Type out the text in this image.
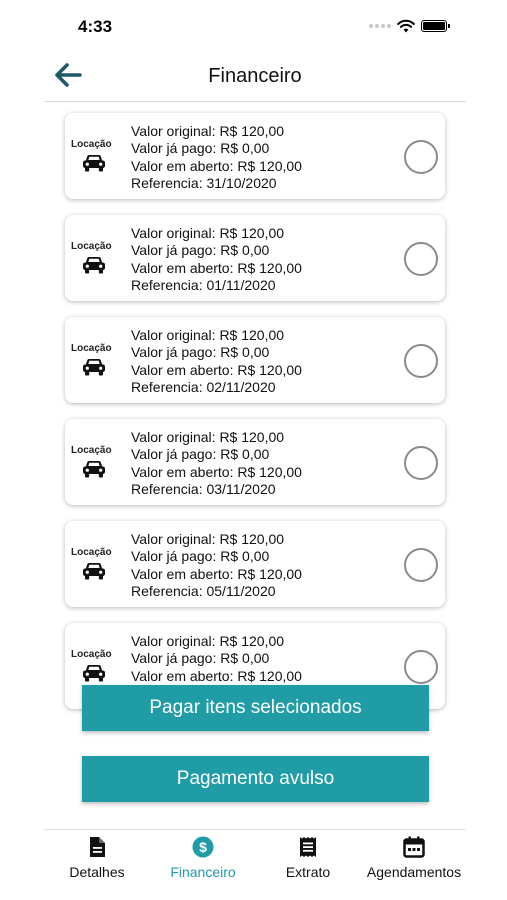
4:33
Financeiro
Locação
Valor original: R$ 120,00
Valor já pago: R$ 0,00
Valor em aberto: R$ 120,00
Referencia: 31/10/2020
Locação
Valor original: R$ 120,00
Valor já pago: R$ 0,00
Valor em aberto: R$ 120,00
Referencia: 01/11/2020
Locação
Valor original: R$ 120,00
Valor já pago: R$ 0,00
Valor em aberto: R$ 120,00
Referencia: 02/11/2020
Locação
Valor original: R$ 120,00
Valor já pago: R$ 0,00
Valor em aberto: R$ 120,00
Referencia: 03/11/2020
Locação
Valor original: R$ 120,00
Valor já pago: R$ 0,00
Valor em aberto: R$ 120,00
Referencia: 05/11/2020
Locação
Valor original: R$ 120,00
Valor já pago: R$ 0,00
Valor em aberto: R$ 120,00
Pagar itens selecionados
Pagamento avulso
Detalhes
$
Financeiro	Extrato	Agendamentos
